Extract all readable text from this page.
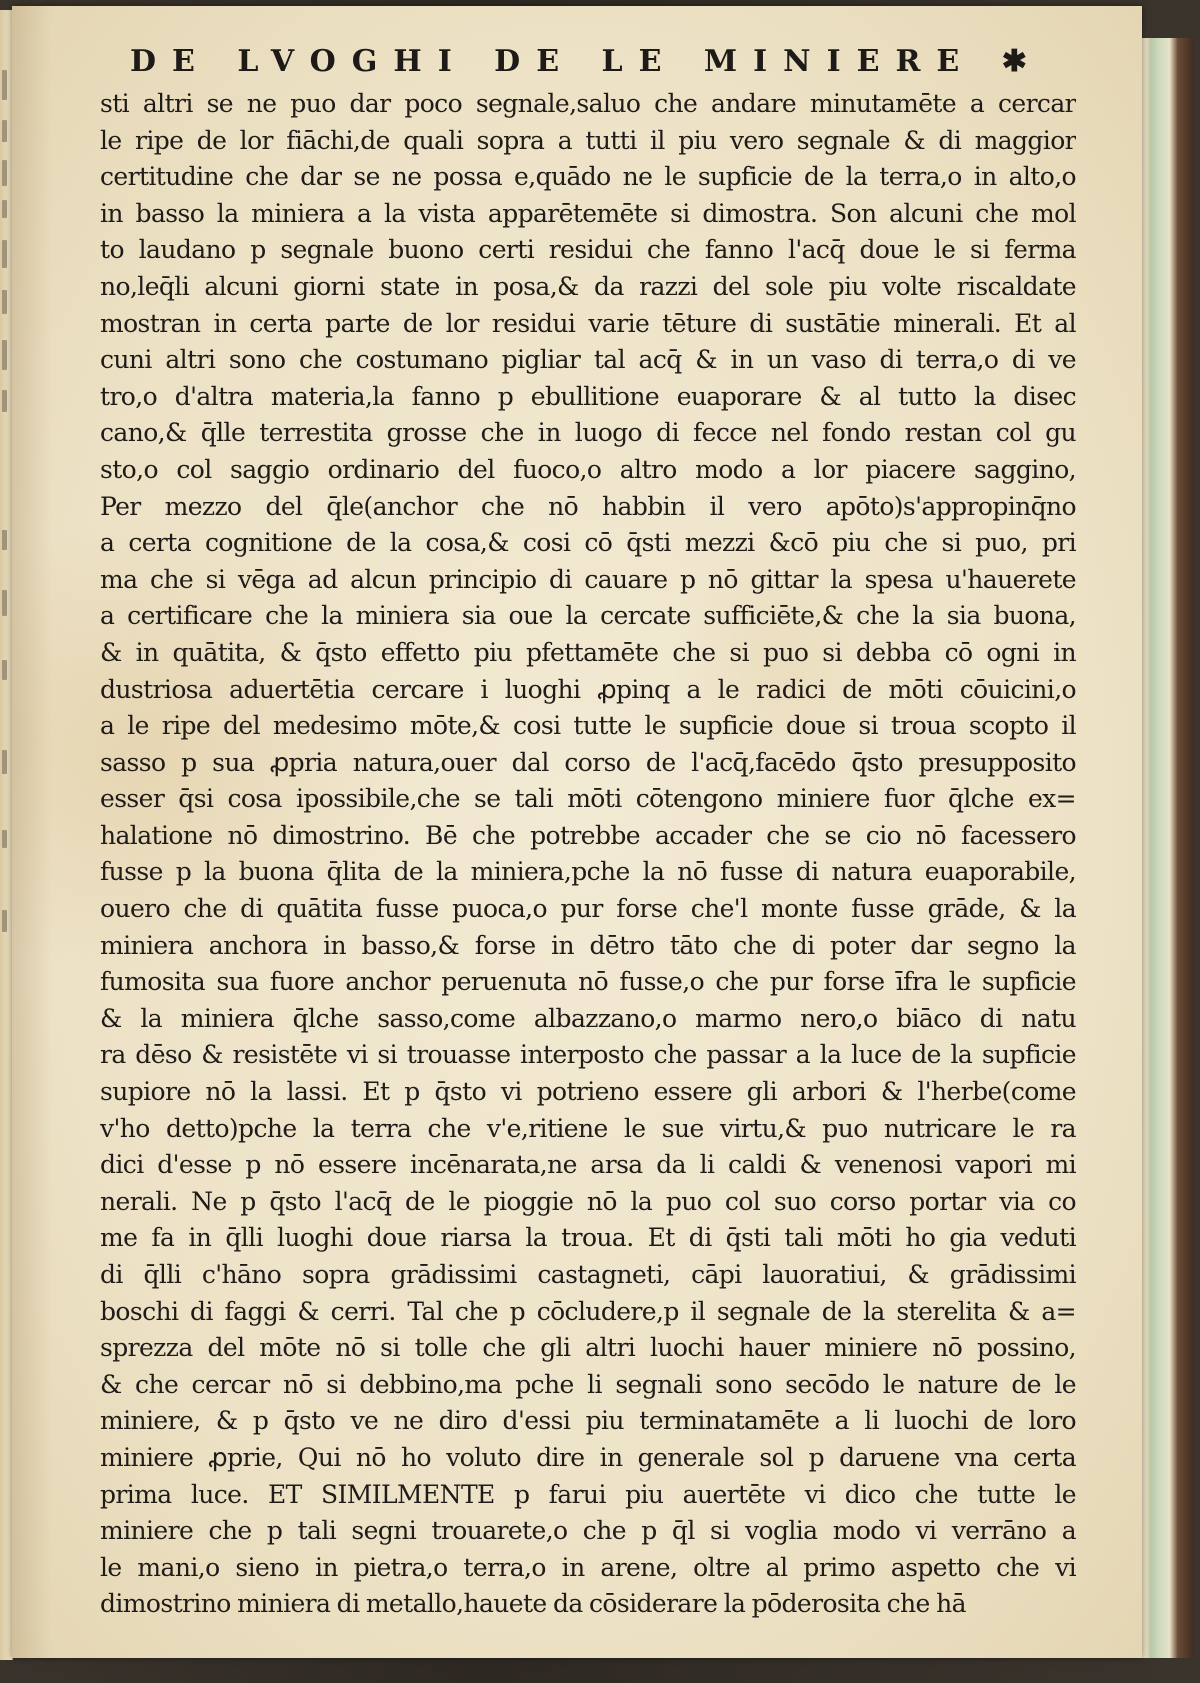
DE LVOGHI DE LE MINIERE ✱
sti altri se ne puo dar poco segnale,saluo che andare minutamēte a cercar
le ripe de lor fiāchi,de quali sopra a tutti il piu vero segnale & di maggior
certitudine che dar se ne possa e,quādo ne le supficie de la terra,o in alto,o
in basso la miniera a la vista apparētemēte si dimostra. Son alcuni che mol
to laudano p segnale buono certi residui che fanno l'acq̄ doue le si ferma
no,leq̄li alcuni giorni state in posa,& da razzi del sole piu volte riscaldate
mostran in certa parte de lor residui varie tēture di sustātie minerali. Et al
cuni altri sono che costumano pigliar tal acq̄ & in un vaso di terra,o di ve
tro,o d'altra materia,la fanno p ebullitione euaporare & al tutto la disec
cano,& q̄lle terrestita grosse che in luogo di fecce nel fondo restan col gu
sto,o col saggio ordinario del fuoco,o altro modo a lor piacere saggino,
Per mezzo del q̄le(anchor che nō habbin il vero apōto)s'appropinq̄no
a certa cognitione de la cosa,& cosi cō q̄sti mezzi &cō piu che si puo, pri
ma che si vēga ad alcun principio di cauare p nō gittar la spesa u'hauerete
a certificare che la miniera sia oue la cercate sufficiēte,& che la sia buona,
& in quātita, & q̄sto effetto piu pfettamēte che si puo si debba cō ogni in
dustriosa aduertētia cercare i luoghi ꝓpinq a le radici de mōti cōuicini,o
a le ripe del medesimo mōte,& cosi tutte le supficie doue si troua scopto il
sasso p sua ꝓpria natura,ouer dal corso de l'acq̄,facēdo q̄sto presupposito
esser q̄si cosa ipossibile,che se tali mōti cōtengono miniere fuor q̄lche ex=
halatione nō dimostrino. Bē che potrebbe accader che se cio nō facessero
fusse p la buona q̄lita de la miniera,pche la nō fusse di natura euaporabile,
ouero che di quātita fusse puoca,o pur forse che'l monte fusse grāde, & la
miniera anchora in basso,& forse in dētro tāto che di poter dar segno la
fumosita sua fuore anchor peruenuta nō fusse,o che pur forse īfra le supficie
& la miniera q̄lche sasso,come albazzano,o marmo nero,o biāco di natu
ra dēso & resistēte vi si trouasse interposto che passar a la luce de la supficie
supiore nō la lassi. Et p q̄sto vi potrieno essere gli arbori & l'herbe(come
v'ho detto)pche la terra che v'e,ritiene le sue virtu,& puo nutricare le ra
dici d'esse p nō essere incēnarata,ne arsa da li caldi & venenosi vapori mi
nerali. Ne p q̄sto l'acq̄ de le pioggie nō la puo col suo corso portar via co
me fa in q̄lli luoghi doue riarsa la troua. Et di q̄sti tali mōti ho gia veduti
di q̄lli c'hāno sopra grādissimi castagneti, cāpi lauoratiui, & grādissimi
boschi di faggi & cerri. Tal che p cōcludere,p il segnale de la sterelita & a=
sprezza del mōte nō si tolle che gli altri luochi hauer miniere nō possino,
& che cercar nō si debbino,ma pche li segnali sono secōdo le nature de le
miniere, & p q̄sto ve ne diro d'essi piu terminatamēte a li luochi de loro
miniere ꝓprie, Qui nō ho voluto dire in generale sol p daruene vna certa
prima luce. ET SIMILMENTE p farui piu auertēte vi dico che tutte le
miniere che p tali segni trouarete,o che p q̄l si voglia modo vi verrāno a
le mani,o sieno in pietra,o terra,o in arene, oltre al primo aspetto che vi
dimostrino miniera di metallo,hauete da cōsiderare la pōderosita che hā
